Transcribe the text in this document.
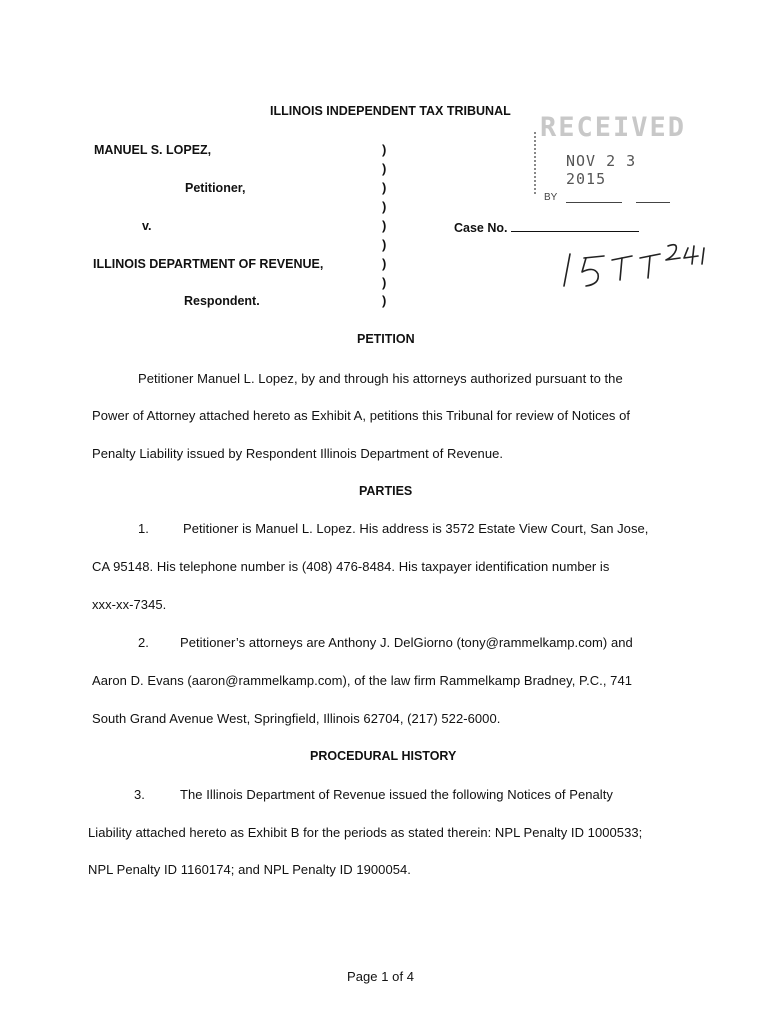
ILLINOIS INDEPENDENT TAX TRIBUNAL
RECEIVED
NOV 2 3 2015
BY
MANUEL S. LOPEZ,
Petitioner,
v.
ILLINOIS DEPARTMENT OF REVENUE,
Respondent.
)
)
)
)
)
)
)
)
)
Case No.
PETITION
Petitioner Manuel L. Lopez, by and through his attorneys authorized pursuant to the
Power of Attorney attached hereto as Exhibit A, petitions this Tribunal for review of Notices of
Penalty Liability issued by Respondent Illinois Department of Revenue.
PARTIES
1.	Petitioner is Manuel L. Lopez. His address is 3572 Estate View Court, San Jose,
CA 95148. His telephone number is (408) 476-8484. His taxpayer identification number is
xxx-xx-7345.
2. Petitioner’s attorneys are Anthony J. DelGiorno (tony@rammelkamp.com) and
Aaron D. Evans (aaron@rammelkamp.com), of the law firm Rammelkamp Bradney, P.C., 741
South Grand Avenue West, Springfield, Illinois 62704, (217) 522-6000.
PROCEDURAL HISTORY
3.	The Illinois Department of Revenue issued the following Notices of Penalty
Liability attached hereto as Exhibit B for the periods as stated therein: NPL Penalty ID 1000533;
NPL Penalty ID 1160174; and NPL Penalty ID 1900054.
Page 1 of 4
